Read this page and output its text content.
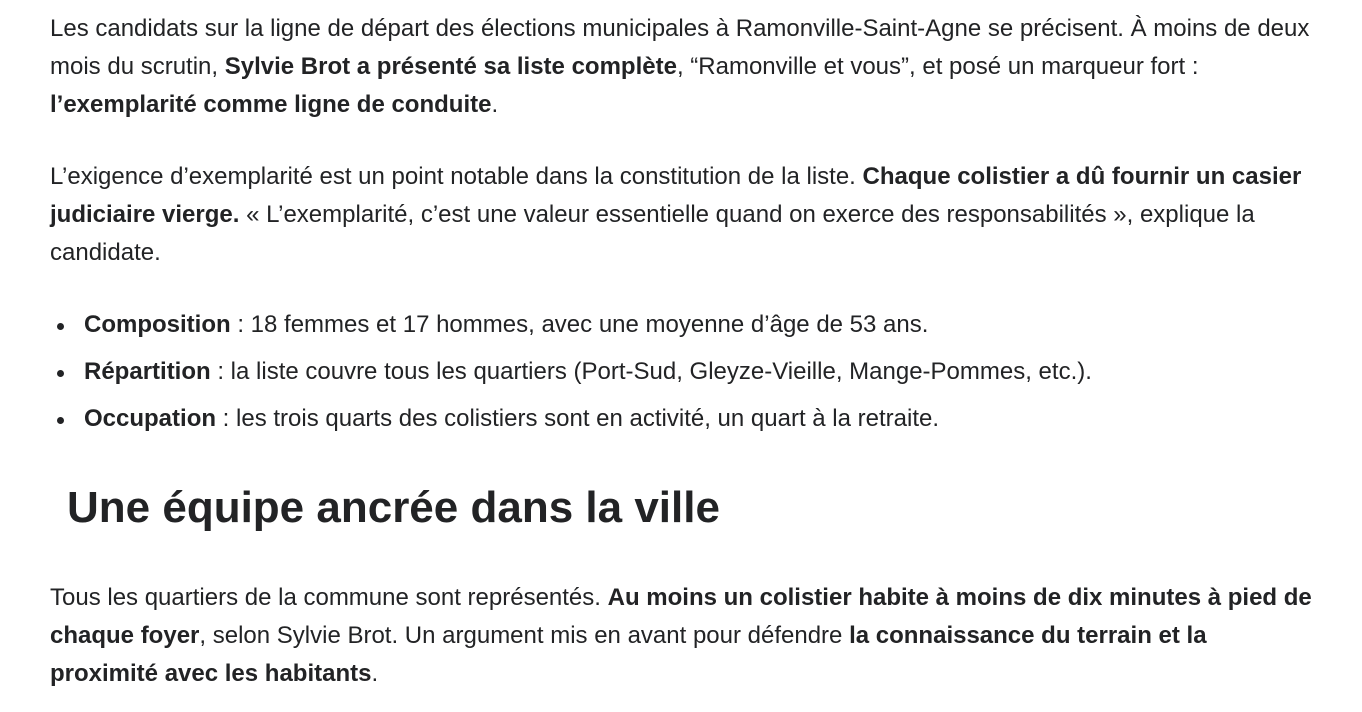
Les candidats sur la ligne de départ des élections municipales à Ramonville-Saint-Agne se précisent. À moins de deux mois du scrutin, Sylvie Brot a présenté sa liste complète, “Ramonville et vous”, et posé un marqueur fort : l’exemplarité comme ligne de conduite.

L’exigence d’exemplarité est un point notable dans la constitution de la liste. Chaque colistier a dû fournir un casier judiciaire vierge. « L’exemplarité, c’est une valeur essentielle quand on exerce des responsabilités », explique la candidate.

Composition : 18 femmes et 17 hommes, avec une moyenne d’âge de 53 ans.
Répartition : la liste couvre tous les quartiers (Port-Sud, Gleyze-Vieille, Mange-Pommes, etc.).
Occupation : les trois quarts des colistiers sont en activité, un quart à la retraite.
Une équipe ancrée dans la ville

Tous les quartiers de la commune sont représentés. Au moins un colistier habite à moins de dix minutes à pied de chaque foyer, selon Sylvie Brot. Un argument mis en avant pour défendre la connaissance du terrain et la proximité avec les habitants.
